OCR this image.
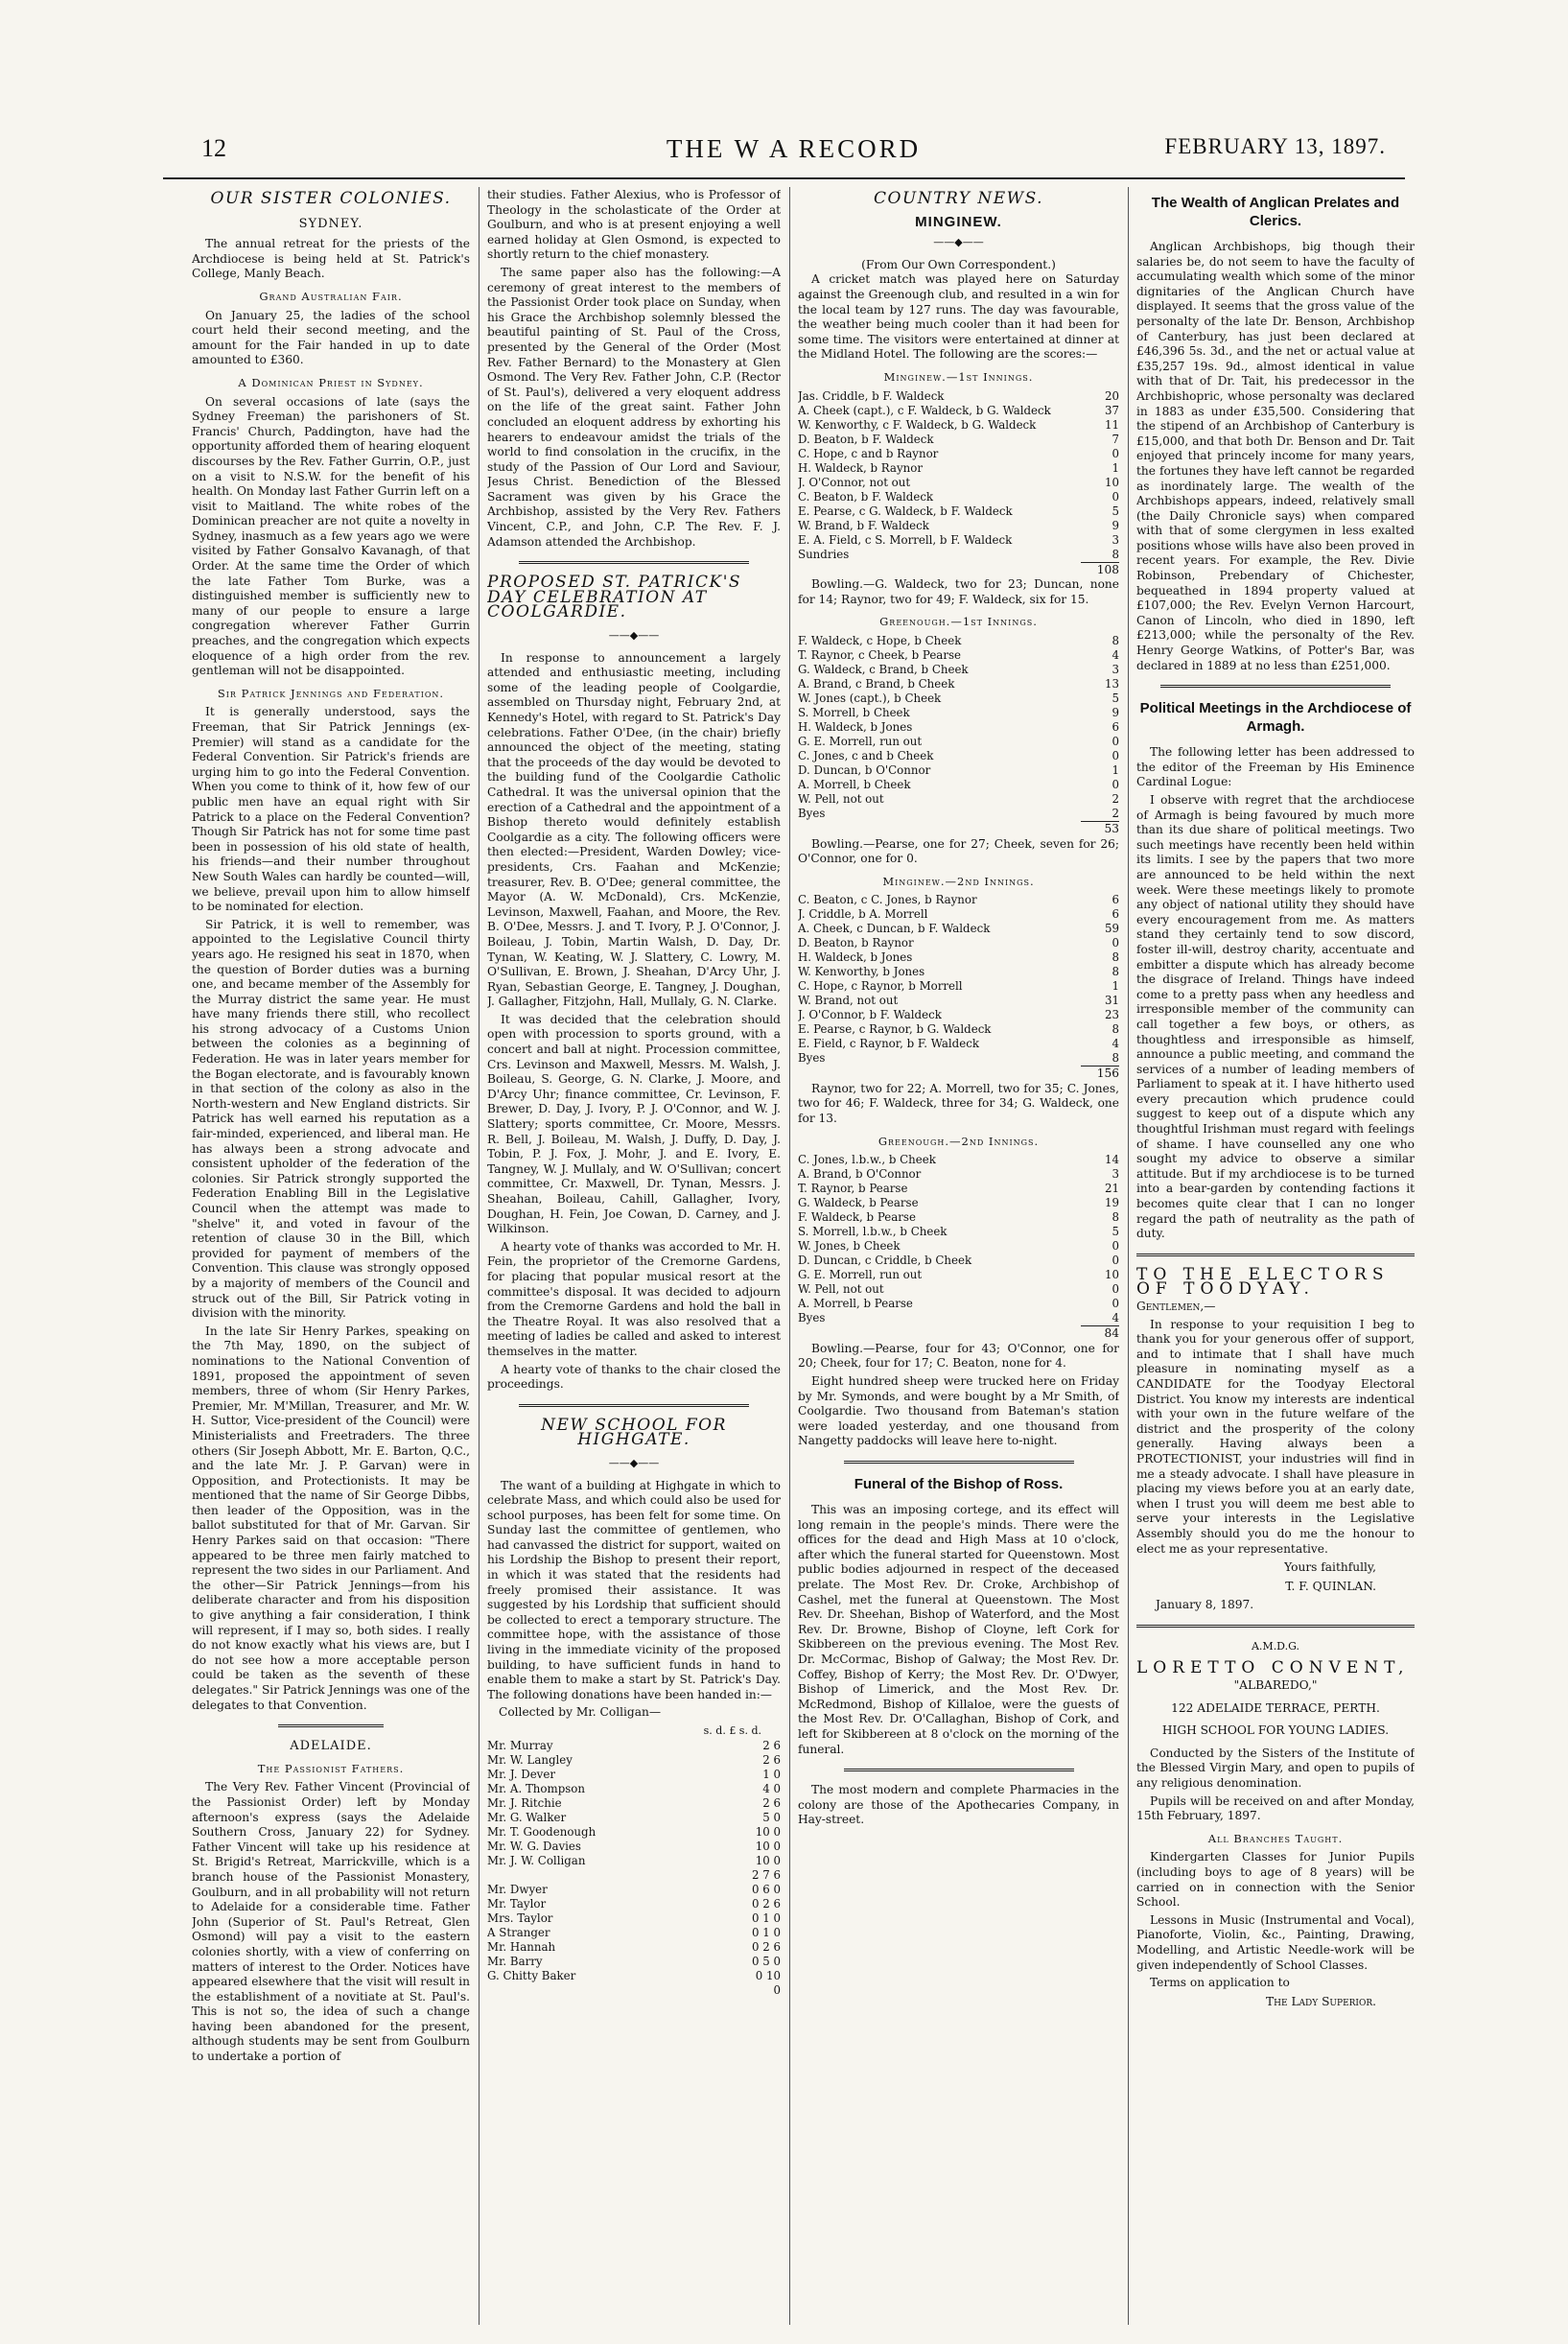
12	THE W A RECORD	FEBRUARY 13, 1897.
OUR SISTER COLONIES.
SYDNEY.

The annual retreat for the priests of the Archdiocese is being held at St. Patrick's College, Manly Beach.

Grand Australian Fair.

On January 25, the ladies of the school court held their second meeting, and the amount for the Fair handed in up to date amounted to £360.

A Dominican Priest in Sydney.

On several occasions of late (says the Sydney Freeman) the parishoners of St. Francis' Church, Paddington, have had the opportunity afforded them of hearing eloquent discourses by the Rev. Father Gurrin, O.P., just on a visit to N.S.W. for the benefit of his health. On Monday last Father Gurrin left on a visit to Maitland. The white robes of the Dominican preacher are not quite a novelty in Sydney, inasmuch as a few years ago we were visited by Father Gonsalvo Kavanagh, of that Order. At the same time the Order of which the late Father Tom Burke, was a distinguished member is sufficiently new to many of our people to ensure a large congregation wherever Father Gurrin preaches, and the congregation which expects eloquence of a high order from the rev. gentleman will not be disappointed.

Sir Patrick Jennings and Federation.

It is generally understood, says the Freeman, that Sir Patrick Jennings (ex-Premier) will stand as a candidate for the Federal Convention. Sir Patrick's friends are urging him to go into the Federal Convention. When you come to think of it, how few of our public men have an equal right with Sir Patrick to a place on the Federal Convention? Though Sir Patrick has not for some time past been in possession of his old state of health, his friends—and their number throughout New South Wales can hardly be counted—will, we believe, prevail upon him to allow himself to be nominated for election.

Sir Patrick, it is well to remember, was appointed to the Legislative Council thirty years ago. He resigned his seat in 1870, when the question of Border duties was a burning one, and became member of the Assembly for the Murray district the same year. He must have many friends there still, who recollect his strong advocacy of a Customs Union between the colonies as a beginning of Federation. He was in later years member for the Bogan electorate, and is favourably known in that section of the colony as also in the North-western and New England districts. Sir Patrick has well earned his reputation as a fair-minded, experienced, and liberal man. He has always been a strong advocate and consistent upholder of the federation of the colonies. Sir Patrick strongly supported the Federation Enabling Bill in the Legislative Council when the attempt was made to "shelve" it, and voted in favour of the retention of clause 30 in the Bill, which provided for payment of members of the Convention. This clause was strongly opposed by a majority of members of the Council and struck out of the Bill, Sir Patrick voting in division with the minority.

In the late Sir Henry Parkes, speaking on the 7th May, 1890, on the subject of nominations to the National Convention of 1891, proposed the appointment of seven members, three of whom (Sir Henry Parkes, Premier, Mr. M'Millan, Treasurer, and Mr. W. H. Suttor, Vice-president of the Council) were Ministerialists and Freetraders. The three others (Sir Joseph Abbott, Mr. E. Barton, Q.C., and the late Mr. J. P. Garvan) were in Opposition, and Protectionists. It may be mentioned that the name of Sir George Dibbs, then leader of the Opposition, was in the ballot substituted for that of Mr. Garvan. Sir Henry Parkes said on that occasion: "There appeared to be three men fairly matched to represent the two sides in our Parliament. And the other—Sir Patrick Jennings—from his deliberate character and from his disposition to give anything a fair consideration, I think will represent, if I may so, both sides. I really do not know exactly what his views are, but I do not see how a more acceptable person could be taken as the seventh of these delegates." Sir Patrick Jennings was one of the delegates to that Convention.

ADELAIDE.
The Passionist Fathers.

The Very Rev. Father Vincent (Provincial of the Passionist Order) left by Monday afternoon's express (says the Adelaide Southern Cross, January 22) for Sydney. Father Vincent will take up his residence at St. Brigid's Retreat, Marrickville, which is a branch house of the Passionist Monastery, Goulburn, and in all probability will not return to Adelaide for a considerable time. Father John (Superior of St. Paul's Retreat, Glen Osmond) will pay a visit to the eastern colonies shortly, with a view of conferring on matters of interest to the Order. Notices have appeared elsewhere that the visit will result in the establishment of a novitiate at St. Paul's. This is not so, the idea of such a change having been abandoned for the present, although students may be sent from Goulburn to undertake a portion of

their studies. Father Alexius, who is Professor of Theology in the scholasticate of the Order at Goulburn, and who is at present enjoying a well earned holiday at Glen Osmond, is expected to shortly return to the chief monastery.

The same paper also has the following:—A ceremony of great interest to the members of the Passionist Order took place on Sunday, when his Grace the Archbishop solemnly blessed the beautiful painting of St. Paul of the Cross, presented by the General of the Order (Most Rev. Father Bernard) to the Monastery at Glen Osmond. The Very Rev. Father John, C.P. (Rector of St. Paul's), delivered a very eloquent address on the life of the great saint. Father John concluded an eloquent address by exhorting his hearers to endeavour amidst the trials of the world to find consolation in the crucifix, in the study of the Passion of Our Lord and Saviour, Jesus Christ. Benediction of the Blessed Sacrament was given by his Grace the Archbishop, assisted by the Very Rev. Fathers Vincent, C.P., and John, C.P. The Rev. F. J. Adamson attended the Archbishop.

PROPOSED ST. PATRICK'S DAY CELEBRATION AT COOLGARDIE.
——◆——

In response to announcement a largely attended and enthusiastic meeting, including some of the leading people of Coolgardie, assembled on Thursday night, February 2nd, at Kennedy's Hotel, with regard to St. Patrick's Day celebrations. Father O'Dee, (in the chair) briefly announced the object of the meeting, stating that the proceeds of the day would be devoted to the building fund of the Coolgardie Catholic Cathedral. It was the universal opinion that the erection of a Cathedral and the appointment of a Bishop thereto would definitely establish Coolgardie as a city. The following officers were then elected:—President, Warden Dowley; vice-presidents, Crs. Faahan and McKenzie; treasurer, Rev. B. O'Dee; general committee, the Mayor (A. W. McDonald), Crs. McKenzie, Levinson, Maxwell, Faahan, and Moore, the Rev. B. O'Dee, Messrs. J. and T. Ivory, P. J. O'Connor, J. Boileau, J. Tobin, Martin Walsh, D. Day, Dr. Tynan, W. Keating, W. J. Slattery, C. Lowry, M. O'Sullivan, E. Brown, J. Sheahan, D'Arcy Uhr, J. Ryan, Sebastian George, E. Tangney, J. Doughan, J. Gallagher, Fitzjohn, Hall, Mullaly, G. N. Clarke.

It was decided that the celebration should open with procession to sports ground, with a concert and ball at night. Procession committee, Crs. Levinson and Maxwell, Messrs. M. Walsh, J. Boileau, S. George, G. N. Clarke, J. Moore, and D'Arcy Uhr; finance committee, Cr. Levinson, F. Brewer, D. Day, J. Ivory, P. J. O'Connor, and W. J. Slattery; sports committee, Cr. Moore, Messrs. R. Bell, J. Boileau, M. Walsh, J. Duffy, D. Day, J. Tobin, P. J. Fox, J. Mohr, J. and E. Ivory, E. Tangney, W. J. Mullaly, and W. O'Sullivan; concert committee, Cr. Maxwell, Dr. Tynan, Messrs. J. Sheahan, Boileau, Cahill, Gallagher, Ivory, Doughan, H. Fein, Joe Cowan, D. Carney, and J. Wilkinson.

A hearty vote of thanks was accorded to Mr. H. Fein, the proprietor of the Cremorne Gardens, for placing that popular musical resort at the committee's disposal. It was decided to adjourn from the Cremorne Gardens and hold the ball in the Theatre Royal. It was also resolved that a meeting of ladies be called and asked to interest themselves in the matter.

A hearty vote of thanks to the chair closed the proceedings.

NEW SCHOOL FOR HIGHGATE.
——◆——

The want of a building at Highgate in which to celebrate Mass, and which could also be used for school purposes, has been felt for some time. On Sunday last the committee of gentlemen, who had canvassed the district for support, waited on his Lordship the Bishop to present their report, in which it was stated that the residents had freely promised their assistance. It was suggested by his Lordship that sufficient should be collected to erect a temporary structure. The committee hope, with the assistance of those living in the immediate vicinity of the proposed building, to have sufficient funds in hand to enable them to make a start by St. Patrick's Day. The following donations have been handed in:—

Collected by Mr. Colligan—

s. d. £ s. d.
Mr. Murray	2 6
Mr. W. Langley	2 6
Mr. J. Dever	1 0
Mr. A. Thompson	4 0
Mr. J. Ritchie	2 6
Mr. G. Walker	5 0
Mr. T. Goodenough	10 0
Mr. W. G. Davies	10 0
Mr. J. W. Colligan	10 0
2 7 6
Mr. Dwyer	0 6 0
Mr. Taylor	0 2 6
Mrs. Taylor	0 1 0
A Stranger	0 1 0
Mr. Hannah	0 2 6
Mr. Barry	0 5 0
G. Chitty Baker	0 10 0
COUNTRY NEWS.
MINGINEW.
——◆——
(From Our Own Correspondent.)

A cricket match was played here on Saturday against the Greenough club, and resulted in a win for the local team by 127 runs. The day was favourable, the weather being much cooler than it had been for some time. The visitors were entertained at dinner at the Midland Hotel. The following are the scores:—

Minginew.—1st Innings.
Jas. Criddle, b F. Waldeck	20
A. Cheek (capt.), c F. Waldeck, b G. Waldeck	37
W. Kenworthy, c F. Waldeck, b G. Waldeck	11
D. Beaton, b F. Waldeck	7
C. Hope, c and b Raynor	0
H. Waldeck, b Raynor	1
J. O'Connor, not out	10
C. Beaton, b F. Waldeck	0
E. Pearse, c G. Waldeck, b F. Waldeck	5
W. Brand, b F. Waldeck	9
E. A. Field, c S. Morrell, b F. Waldeck	3
Sundries	8
108

Bowling.—G. Waldeck, two for 23; Duncan, none for 14; Raynor, two for 49; F. Waldeck, six for 15.

Greenough.—1st Innings.
F. Waldeck, c Hope, b Cheek	8
T. Raynor, c Cheek, b Pearse	4
G. Waldeck, c Brand, b Cheek	3
A. Brand, c Brand, b Cheek	13
W. Jones (capt.), b Cheek	5
S. Morrell, b Cheek	9
H. Waldeck, b Jones	6
G. E. Morrell, run out	0
C. Jones, c and b Cheek	0
D. Duncan, b O'Connor	1
A. Morrell, b Cheek	0
W. Pell, not out	2
Byes	2
53

Bowling.—Pearse, one for 27; Cheek, seven for 26; O'Connor, one for 0.

Minginew.—2nd Innings.
C. Beaton, c C. Jones, b Raynor	6
J. Criddle, b A. Morrell	6
A. Cheek, c Duncan, b F. Waldeck	59
D. Beaton, b Raynor	0
H. Waldeck, b Jones	8
W. Kenworthy, b Jones	8
C. Hope, c Raynor, b Morrell	1
W. Brand, not out	31
J. O'Connor, b F. Waldeck	23
E. Pearse, c Raynor, b G. Waldeck	8
E. Field, c Raynor, b F. Waldeck	4
Byes	8
156

Raynor, two for 22; A. Morrell, two for 35; C. Jones, two for 46; F. Waldeck, three for 34; G. Waldeck, one for 13.

Greenough.—2nd Innings.
C. Jones, l.b.w., b Cheek	14
A. Brand, b O'Connor	3
T. Raynor, b Pearse	21
G. Waldeck, b Pearse	19
F. Waldeck, b Pearse	8
S. Morrell, l.b.w., b Cheek	5
W. Jones, b Cheek	0
D. Duncan, c Criddle, b Cheek	0
G. E. Morrell, run out	10
W. Pell, not out	0
A. Morrell, b Pearse	0
Byes	4
84

Bowling.—Pearse, four for 43; O'Connor, one for 20; Cheek, four for 17; C. Beaton, none for 4.

Eight hundred sheep were trucked here on Friday by Mr. Symonds, and were bought by a Mr Smith, of Coolgardie. Two thousand from Bateman's station were loaded yesterday, and one thousand from Nangetty paddocks will leave here to-night.

Funeral of the Bishop of Ross.

This was an imposing cortege, and its effect will long remain in the people's minds. There were the offices for the dead and High Mass at 10 o'clock, after which the funeral started for Queenstown. Most public bodies adjourned in respect of the deceased prelate. The Most Rev. Dr. Croke, Archbishop of Cashel, met the funeral at Queenstown. The Most Rev. Dr. Sheehan, Bishop of Waterford, and the Most Rev. Dr. Browne, Bishop of Cloyne, left Cork for Skibbereen on the previous evening. The Most Rev. Dr. McCormac, Bishop of Galway; the Most Rev. Dr. Coffey, Bishop of Kerry; the Most Rev. Dr. O'Dwyer, Bishop of Limerick, and the Most Rev. Dr. McRedmond, Bishop of Killaloe, were the guests of the Most Rev. Dr. O'Callaghan, Bishop of Cork, and left for Skibbereen at 8 o'clock on the morning of the funeral.

The most modern and complete Pharmacies in the colony are those of the Apothecaries Company, in Hay-street.

The Wealth of Anglican Prelates and Clerics.

Anglican Archbishops, big though their salaries be, do not seem to have the faculty of accumulating wealth which some of the minor dignitaries of the Anglican Church have displayed. It seems that the gross value of the personalty of the late Dr. Benson, Archbishop of Canterbury, has just been declared at £46,396 5s. 3d., and the net or actual value at £35,257 19s. 9d., almost identical in value with that of Dr. Tait, his predecessor in the Archbishopric, whose personalty was declared in 1883 as under £35,500. Considering that the stipend of an Archbishop of Canterbury is £15,000, and that both Dr. Benson and Dr. Tait enjoyed that princely income for many years, the fortunes they have left cannot be regarded as inordinately large. The wealth of the Archbishops appears, indeed, relatively small (the Daily Chronicle says) when compared with that of some clergymen in less exalted positions whose wills have also been proved in recent years. For example, the Rev. Divie Robinson, Prebendary of Chichester, bequeathed in 1894 property valued at £107,000; the Rev. Evelyn Vernon Harcourt, Canon of Lincoln, who died in 1890, left £213,000; while the personalty of the Rev. Henry George Watkins, of Potter's Bar, was declared in 1889 at no less than £251,000.

Political Meetings in the Archdiocese of Armagh.

The following letter has been addressed to the editor of the Freeman by His Eminence Cardinal Logue:

I observe with regret that the archdiocese of Armagh is being favoured by much more than its due share of political meetings. Two such meetings have recently been held within its limits. I see by the papers that two more are announced to be held within the next week. Were these meetings likely to promote any object of national utility they should have every encouragement from me. As matters stand they certainly tend to sow discord, foster ill-will, destroy charity, accentuate and embitter a dispute which has already become the disgrace of Ireland. Things have indeed come to a pretty pass when any heedless and irresponsible member of the community can call together a few boys, or others, as thoughtless and irresponsible as himself, announce a public meeting, and command the services of a number of leading members of Parliament to speak at it. I have hitherto used every precaution which prudence could suggest to keep out of a dispute which any thoughtful Irishman must regard with feelings of shame. I have counselled any one who sought my advice to observe a similar attitude. But if my archdiocese is to be turned into a bear-garden by contending factions it becomes quite clear that I can no longer regard the path of neutrality as the path of duty.

TO THE ELECTORS OF TOODYAY.

Gentlemen,—

In response to your requisition I beg to thank you for your generous offer of support, and to intimate that I shall have much pleasure in nominating myself as a CANDIDATE for the Toodyay Electoral District. You know my interests are indentical with your own in the future welfare of the district and the prosperity of the colony generally. Having always been a PROTECTIONIST, your industries will find in me a steady advocate. I shall have pleasure in placing my views before you at an early date, when I trust you will deem me best able to serve your interests in the Legislative Assembly should you do me the honour to elect me as your representative.

Yours faithfully,
T. F. QUINLAN.
January 8, 1897.
A.M.D.G.
LORETTO CONVENT,
"ALBAREDO,"
122 ADELAIDE TERRACE, PERTH.
HIGH SCHOOL FOR YOUNG LADIES.

Conducted by the Sisters of the Institute of the Blessed Virgin Mary, and open to pupils of any religious denomination.

Pupils will be received on and after Monday, 15th February, 1897.

All Branches Taught.

Kindergarten Classes for Junior Pupils (including boys to age of 8 years) will be carried on in connection with the Senior School.

Lessons in Music (Instrumental and Vocal), Pianoforte, Violin, &c., Painting, Drawing, Modelling, and Artistic Needle-work will be given independently of School Classes.

Terms on application to

The Lady Superior.
